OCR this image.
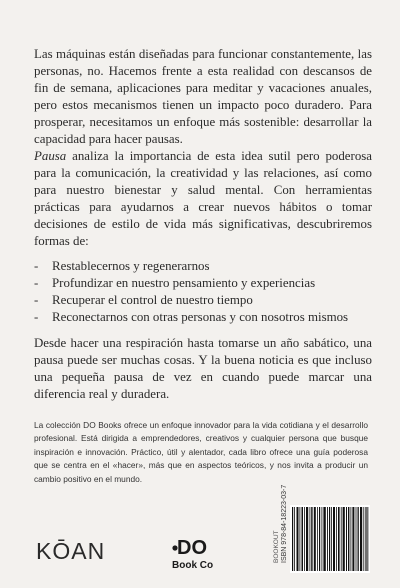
Las máquinas están diseñadas para funcionar constantemente, las personas, no. Hacemos frente a esta realidad con descansos de fin de semana, aplicaciones para meditar y vacaciones anuales, pero estos mecanismos tienen un impacto poco duradero. Para prosperar, necesitamos un enfoque más sostenible: desarrollar la capacidad para hacer pausas.

Pausa analiza la importancia de esta idea sutil pero poderosa para la comunicación, la creatividad y las relaciones, así como para nuestro bienestar y salud mental. Con herramientas prácticas para ayudarnos a crear nuevos hábitos o tomar decisiones de estilo de vida más significativas, descubriremos formas de:

- Restablecernos y regenerarnos
- Profundizar en nuestro pensamiento y experiencias
- Recuperar el control de nuestro tiempo
- Reconectarnos con otras personas y con nosotros mismos

Desde hacer una respiración hasta tomarse un año sabático, una pausa puede ser muchas cosas. Y la buena noticia es que incluso una pequeña pausa de vez en cuando puede marcar una diferencia real y duradera.

La colección DO Books ofrece un enfoque innovador para la vida cotidiana y el desarrollo profesional. Está dirigida a emprendedores, creativos y cualquier persona que busque inspiración e innovación. Práctico, útil y alentador, cada libro ofrece una guía poderosa que se centra en el «hacer», más que en aspectos teóricos, y nos invita a producir un cambio positivo en el mundo.

KŌAN	DO
Book Co
BOOKOUT ISBN 978-84-18223-03-7
